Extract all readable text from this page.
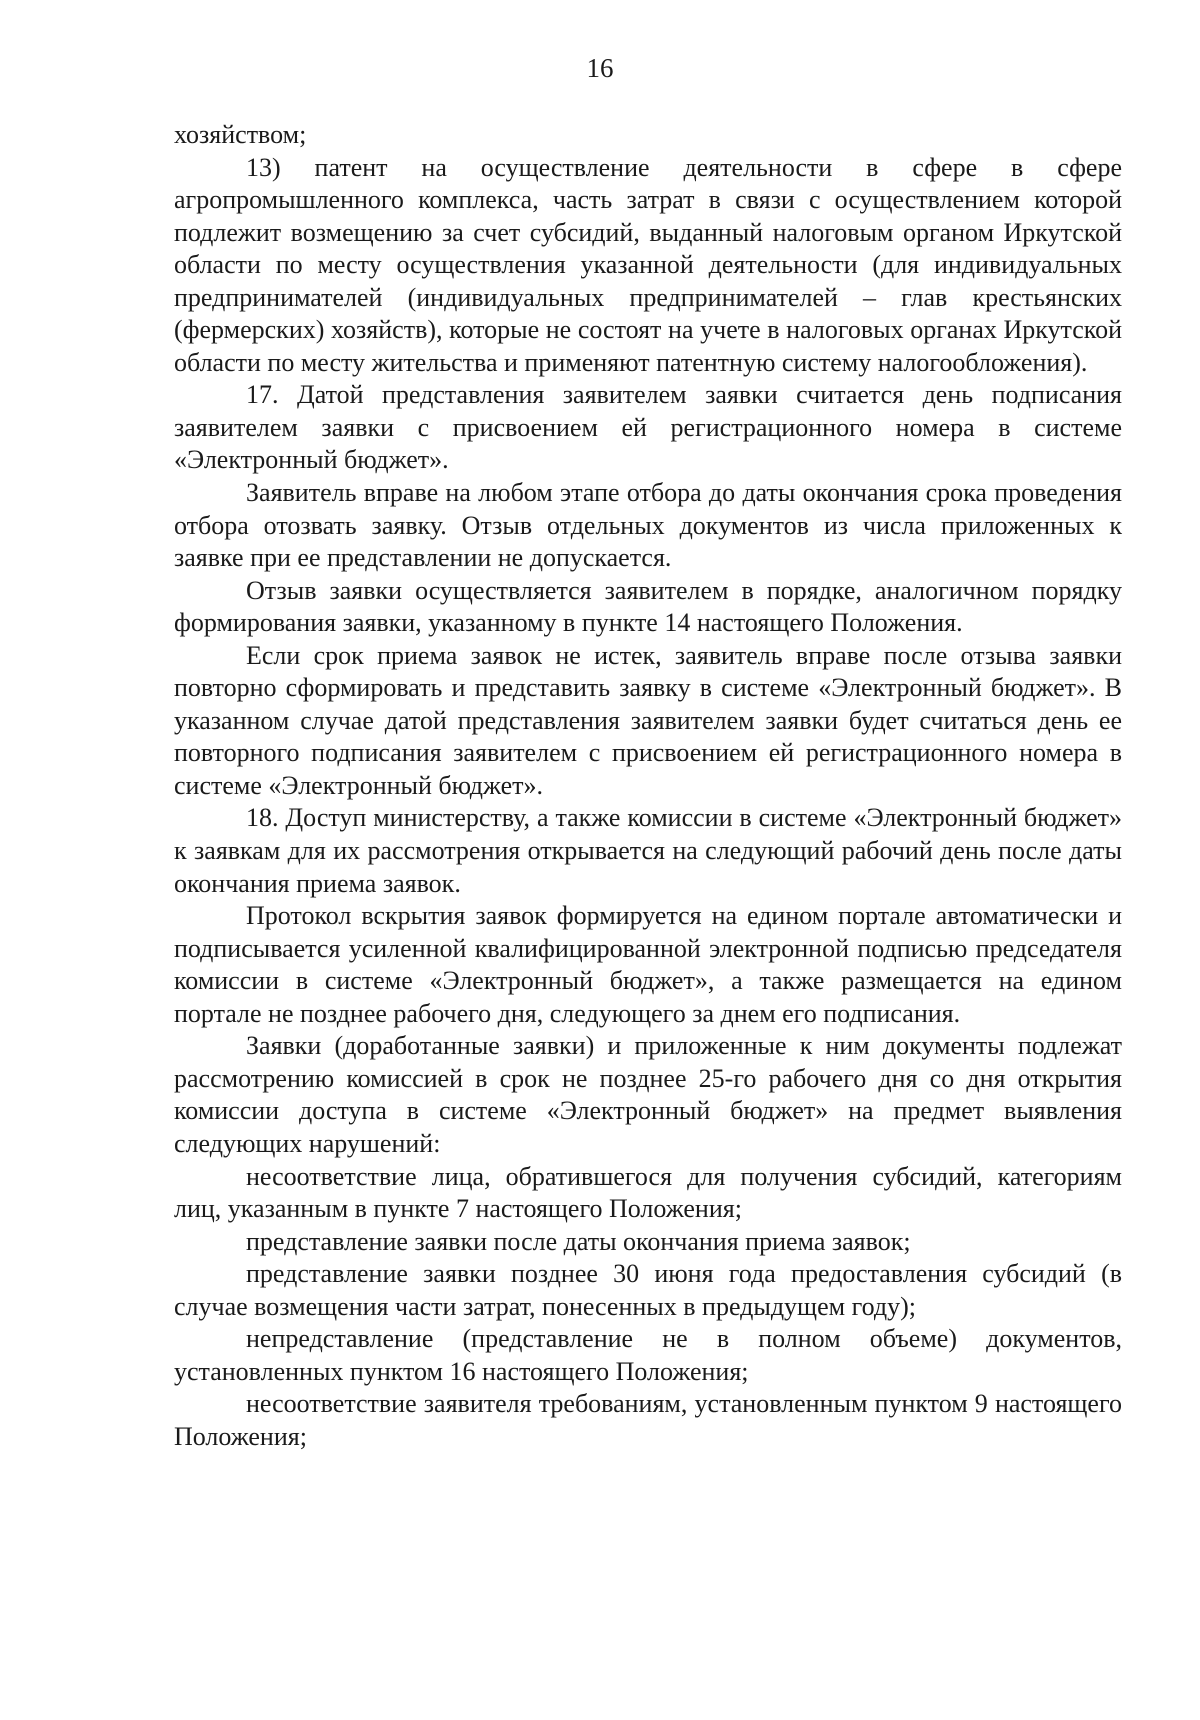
16

хозяйством;

13) патент на осуществление деятельности в сфере в сфере агропромышленного комплекса, часть затрат в связи с осуществлением которой подлежит возмещению за счет субсидий, выданный налоговым органом Иркутской области по месту осуществления указанной деятельности (для индивидуальных предпринимателей (индивидуальных предпринимателей – глав крестьянских (фермерских) хозяйств), которые не состоят на учете в налоговых органах Иркутской области по месту жительства и применяют патентную систему налогообложения).

17. Датой представления заявителем заявки считается день подписания заявителем заявки с присвоением ей регистрационного номера в системе «Электронный бюджет».

Заявитель вправе на любом этапе отбора до даты окончания срока проведения отбора отозвать заявку. Отзыв отдельных документов из числа приложенных к заявке при ее представлении не допускается.

Отзыв заявки осуществляется заявителем в порядке, аналогичном порядку формирования заявки, указанному в пункте 14 настоящего Положения.

Если срок приема заявок не истек, заявитель вправе после отзыва заявки повторно сформировать и представить заявку в системе «Электронный бюджет». В указанном случае датой представления заявителем заявки будет считаться день ее повторного подписания заявителем с присвоением ей регистрационного номера в системе «Электронный бюджет».

18. Доступ министерству, а также комиссии в системе «Электронный бюджет» к заявкам для их рассмотрения открывается на следующий рабочий день после даты окончания приема заявок.

Протокол вскрытия заявок формируется на едином портале автоматически и подписывается усиленной квалифицированной электронной подписью председателя комиссии в системе «Электронный бюджет», а также размещается на едином портале не позднее рабочего дня, следующего за днем его подписания.

Заявки (доработанные заявки) и приложенные к ним документы подлежат рассмотрению комиссией в срок не позднее 25-го рабочего дня со дня открытия комиссии доступа в системе «Электронный бюджет» на предмет выявления следующих нарушений:

несоответствие лица, обратившегося для получения субсидий, категориям лиц, указанным в пункте 7 настоящего Положения;

представление заявки после даты окончания приема заявок;

представление заявки позднее 30 июня года предоставления субсидий (в случае возмещения части затрат, понесенных в предыдущем году);

непредставление (представление не в полном объеме) документов, установленных пунктом 16 настоящего Положения;

несоответствие заявителя требованиям, установленным пунктом 9 настоящего Положения;
